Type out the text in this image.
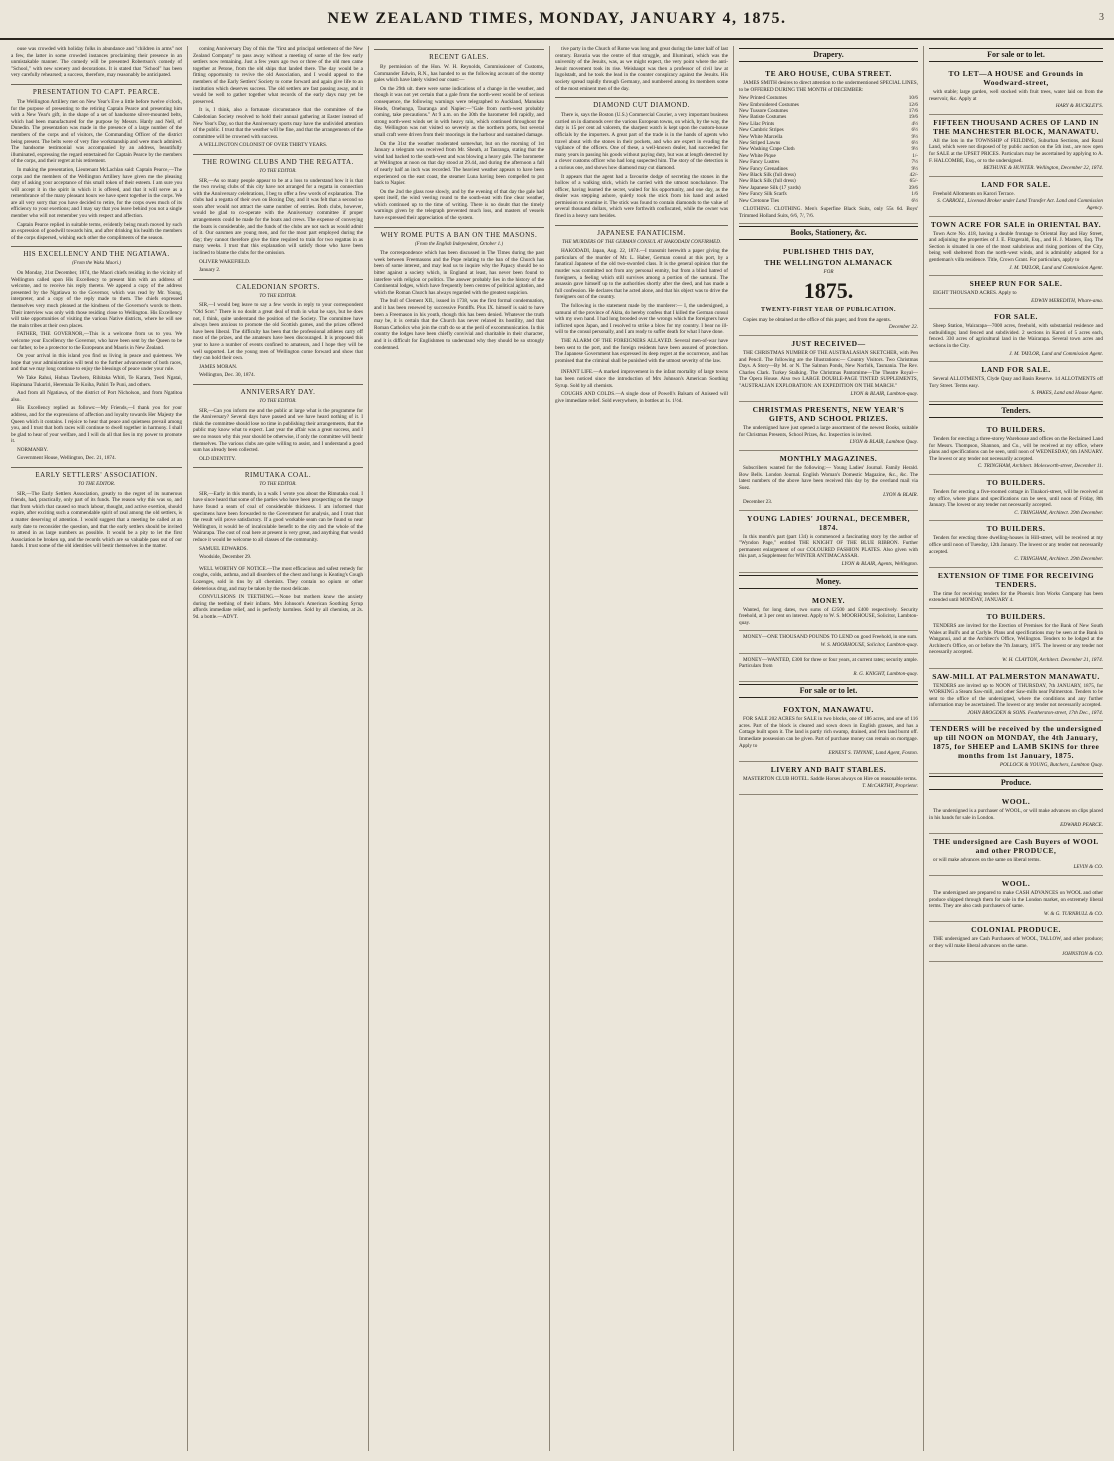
NEW ZEALAND TIMES, MONDAY, JANUARY 4, 1875.	3
ouse was crowded with holiday folks in abundance and "children in arms" not a few, the latter in some crowded instances proclaiming their presence in an unmistakable manner. The comedy will be presented Robertson's comedy of "School," with new scenery and decorations. It is stated that "School" has been very carefully rehearsed; a success, therefore, may reasonably be anticipated.
PRESENTATION TO CAPT. PEARCE.
The Wellington Artillery met on New Year's Eve a little before twelve o'clock, for the purpose of presenting to the retiring Captain Pearce and presenting him with a New Year's gift, in the shape of a set of handsome silver-mounted belts, which had been manufactured for the purpose by Messrs. Hardy and Nell, of Dunedin. The presentation was made in the presence of a large number of the members of the corps and of visitors, the Commanding Officer of the district being present. The belts were of very fine workmanship and were much admired. The handsome testimonial was accompanied by an address, beautifully illuminated, expressing the regard entertained for Captain Pearce by the members of the corps, and their regret at his retirement.
In making the presentation, Lieutenant McLachlan said: Captain Pearce,—The corps and the members of the Wellington Artillery have given me the pleasing duty of asking your acceptance of this small token of their esteem. I am sure you will accept it in the spirit in which it is offered, and that it will serve as a remembrance of the many pleasant hours we have spent together in the corps. We are all very sorry that you have decided to retire, for the corps owes much of its efficiency to your exertions; and I may say that you leave behind you not a single member who will not remember you with respect and affection.
Captain Pearce replied in suitable terms, evidently being much moved by such an expression of goodwill towards him, and after drinking his health the members of the corps dispersed, wishing each other the compliments of the season.
HIS EXCELLENCY AND THE NGATIAWA.
(From the Waka Maori.)
On Monday, 21st December, 1874, the Maori chiefs residing in the vicinity of Wellington called upon His Excellency to present him with an address of welcome, and to receive his reply thereto. We append a copy of the address presented by the Ngatiawa to the Governor, which was read by Mr. Young, interpreter, and a copy of the reply made to them. The chiefs expressed themselves very much pleased at the kindness of the Governor's words to them. Their interview was only with those residing close to Wellington. His Excellency will take opportunities of visiting the various Native districts, where he will see the main tribes at their own places.
FATHER, THE GOVERNOR,—This is a welcome from us to you. We welcome your Excellency the Governor, who have been sent by the Queen to be our father, to be a protector to the Europeans and Maoris in New Zealand.
On your arrival in this island you find us living in peace and quietness. We hope that your administration will tend to the further advancement of both races, and that we may long continue to enjoy the blessings of peace under your rule.
We Take Rahui, Hohua Tawhero, Rihitaka Whiti, Te Karara, Teoti Ngatai, Hapimana Tukuriri, Heremaia Te Koiha, Pahiri Te Puni, and others.
And from all Ngatiawa, of the district of Port Nicholson, and from Ngatitoa also.
His Excellency replied as follows:—My Friends,—I thank you for your address, and for the expressions of affection and loyalty towards Her Majesty the Queen which it contains. I rejoice to hear that peace and quietness prevail among you, and I trust that both races will continue to dwell together in harmony. I shall be glad to hear of your welfare, and I will do all that lies in my power to promote it.
NORMANBY.
Government House, Wellington, Dec. 21, 1874.
EARLY SETTLERS' ASSOCIATION.
TO THE EDITOR.
SIR,—The Early Settlers Association, greatly to the regret of its numerous friends, had, practically, only part of its funds. The reason why this was so, and that from which that caused so much labour, thought, and active exertion, should expire, after exciting such a commendable spirit of zeal among the old settlers, is a matter deserving of attention. I would suggest that a meeting be called at an early date to reconsider the question, and that the early settlers should be invited to attend in as large numbers as possible. It would be a pity to let the first Association be broken up, and the records which are so valuable pass out of our hands. I trust some of the old identities will bestir themselves in the matter.
coming Anniversary Day of this the "first and principal settlement of the New Zealand Company" to pass away without a meeting of some of the few early settlers now remaining. Just a few years ago two or three of the old men came together at Petone, from the old ships that landed there. The day would be a fitting opportunity to revive the old Association, and I would appeal to the members of the Early Settlers' Society to come forward and again give life to an institution which deserves success. The old settlers are fast passing away, and it would be well to gather together what records of the early days may yet be preserved.
It is, I think, also a fortunate circumstance that the committee of the Caledonian Society resolved to hold their annual gathering at Easter instead of New Year's Day, so that the Anniversary sports may have the undivided attention of the public. I trust that the weather will be fine, and that the arrangements of the committee will be crowned with success.
A WELLINGTON COLONIST OF OVER THIRTY YEARS.
THE ROWING CLUBS AND THE REGATTA.
TO THE EDITOR.
SIR,—As so many people appear to be at a loss to understand how it is that the two rowing clubs of this city have not arranged for a regatta in connection with the Anniversary celebrations, I beg to offer a few words of explanation. The clubs had a regatta of their own on Boxing Day, and it was felt that a second so soon after would not attract the same number of entries. Both clubs, however, would be glad to co-operate with the Anniversary committee if proper arrangements could be made for the boats and crews. The expense of conveying the boats is considerable, and the funds of the clubs are not such as would admit of it. Our oarsmen are young men, and for the most part employed during the day; they cannot therefore give the time required to train for two regattas in as many weeks. I trust that this explanation will satisfy those who have been inclined to blame the clubs for the omission.
OLIVER WAKEFIELD.
January 2.
CALEDONIAN SPORTS.
TO THE EDITOR.
SIR,—I would beg leave to say a few words in reply to your correspondent "Old Scot." There is no doubt a great deal of truth in what he says, but he does not, I think, quite understand the position of the Society. The committee have always been anxious to promote the old Scottish games, and the prizes offered have been liberal. The difficulty has been that the professional athletes carry off most of the prizes, and the amateurs have been discouraged. It is proposed this year to have a number of events confined to amateurs, and I hope they will be well supported. Let the young men of Wellington come forward and show that they can hold their own.
JAMES MORAN.
Wellington, Dec. 30, 1874.
ANNIVERSARY DAY.
TO THE EDITOR.
SIR,—Can you inform me and the public at large what is the programme for the Anniversary? Several days have passed and we have heard nothing of it. I think the committee should lose no time in publishing their arrangements, that the public may know what to expect. Last year the affair was a great success, and I see no reason why this year should be otherwise, if only the committee will bestir themselves. The various clubs are quite willing to assist, and I understand a good sum has already been collected.
OLD IDENTITY.
RIMUTAKA COAL.
TO THE EDITOR.
SIR,—Early in this month, in a walk I wrote you about the Rimutaka coal. I have since heard that some of the parties who have been prospecting on the range have found a seam of coal of considerable thickness. I am informed that specimens have been forwarded to the Government for analysis, and I trust that the result will prove satisfactory. If a good workable seam can be found so near Wellington, it would be of incalculable benefit to the city and the whole of the Wairarapa. The cost of coal here at present is very great, and anything that would reduce it would be welcome to all classes of the community.
SAMUEL EDWARDS.
Woodside, December 29.
WELL WORTHY OF NOTICE.—The most efficacious and safest remedy for coughs, colds, asthma, and all disorders of the chest and lungs is Keating's Cough Lozenges, sold in tins by all chemists. They contain no opium or other deleterious drug, and may be taken by the most delicate.
CONVULSIONS IN TEETHING.—None but mothers know the anxiety during the teething of their infants. Mrs Johnson's American Soothing Syrup affords immediate relief, and is perfectly harmless. Sold by all chemists, at 2s. 9d. a bottle.—ADVT.
RECENT GALES.
By permission of the Hon. W. H. Reynolds, Commissioner of Customs, Commander Edwin, R.N., has handed to us the following account of the stormy gales which have lately visited our coast:—
On the 29th ult. there were some indications of a change in the weather, and though it was not yet certain that a gale from the north-west would be of serious consequence, the following warnings were telegraphed to Auckland, Manukau Heads, Onehunga, Tauranga and Napier:—"Gale from north-west probably coming, take precautions." At 9 a.m. on the 30th the barometer fell rapidly, and strong north-west winds set in with heavy rain, which continued throughout the day. Wellington was not visited so severely as the northern ports, but several small craft were driven from their moorings in the harbour and sustained damage.
On the 31st the weather moderated somewhat, but on the morning of 1st January a telegram was received from Mr. Sheath, at Tauranga, stating that the wind had backed to the south-west and was blowing a heavy gale. The barometer at Wellington at noon on that day stood at 29.44, and during the afternoon a fall of nearly half an inch was recorded. The heaviest weather appears to have been experienced on the east coast, the steamer Luna having been compelled to put back to Napier.
On the 2nd the glass rose slowly, and by the evening of that day the gale had spent itself, the wind veering round to the south-east with fine clear weather, which continued up to the time of writing. There is no doubt that the timely warnings given by the telegraph prevented much loss, and masters of vessels have expressed their appreciation of the system.
WHY ROME PUTS A BAN ON THE MASONS.
(From the English Independent, October 1.)
The correspondence which has been discussed in The Times during the past week between Freemasons and the Pope relating to the ban of the Church has been of some interest, and may lead us to inquire why the Papacy should be so bitter against a society which, in England at least, has never been found to interfere with religion or politics. The answer probably lies in the history of the Continental lodges, which have frequently been centres of political agitation, and which the Roman Church has always regarded with the greatest suspicion.
The bull of Clement XII., issued in 1738, was the first formal condemnation, and it has been renewed by successive Pontiffs. Pius IX. himself is said to have been a Freemason in his youth, though this has been denied. Whatever the truth may be, it is certain that the Church has never relaxed its hostility, and that Roman Catholics who join the craft do so at the peril of excommunication. In this country the lodges have been chiefly convivial and charitable in their character, and it is difficult for Englishmen to understand why they should be so strongly condemned.
tive party in the Church of Rome was long and great during the latter half of last century. Bavaria was the centre of that struggle, and Illuminati, which was the university of the Jesuits, was, as we might expect, the very point where the anti-Jesuit movement took its rise. Weishaupt was then a professor of civil law at Ingolstadt, and he took the lead in the counter conspiracy against the Jesuits. His society spread rapidly through Germany, and numbered among its members some of the most eminent men of the day.
DIAMOND CUT DIAMOND.
There is, says the Boston (U.S.) Commercial Courier, a very important business carried on in diamonds over the various European towns, on which, by the way, the duty is 15 per cent ad valorem, the sharpest watch is kept upon the custom-house officials by the importers. A great part of the trade is in the hands of agents who travel about with the stones in their pockets, and who are expert in evading the vigilance of the officers. One of these, a well-known dealer, had succeeded for many years in passing his goods without paying duty, but was at length detected by a clever customs officer who had long suspected him. The story of the detection is a curious one, and shows how diamond may cut diamond.
It appears that the agent had a favourite dodge of secreting the stones in the hollow of a walking stick, which he carried with the utmost nonchalance. The officer, having learned the secret, waited for his opportunity, and one day, as the dealer was stepping ashore, quietly took the stick from his hand and asked permission to examine it. The stick was found to contain diamonds to the value of several thousand dollars, which were forthwith confiscated, while the owner was fined in a heavy sum besides.
JAPANESE FANATICISM.
THE MURDERS OF THE GERMAN CONSUL AT HAKODADI CONFIRMED.
HAKODADI, Japan, Aug. 22, 1874.—I transmit herewith a paper giving the particulars of the murder of Mr. L. Haber, German consul at this port, by a fanatical Japanese of the old two-sworded class. It is the general opinion that the murder was committed not from any personal enmity, but from a blind hatred of foreigners, a feeling which still survives among a portion of the samurai. The assassin gave himself up to the authorities shortly after the deed, and has made a full confession. He declares that he acted alone, and that his object was to drive the foreigners out of the country.
The following is the statement made by the murderer:— I, the undersigned, a samurai of the province of Akita, do hereby confess that I killed the German consul with my own hand. I had long brooded over the wrongs which the foreigners have inflicted upon Japan, and I resolved to strike a blow for my country. I bear no ill-will to the consul personally, and I am ready to suffer death for what I have done.
THE ALARM OF THE FOREIGNERS ALLAYED. Several men-of-war have been sent to the port, and the foreign residents have been assured of protection. The Japanese Government has expressed its deep regret at the occurrence, and has promised that the criminal shall be punished with the utmost severity of the law.
INFANT LIFE.—A marked improvement in the infant mortality of large towns has been noticed since the introduction of Mrs Johnson's American Soothing Syrup. Sold by all chemists.
COUGHS AND COLDS.—A single dose of Powell's Balsam of Aniseed will give immediate relief. Sold everywhere, in bottles at 1s. 1½d.
Drapery.
TE ARO HOUSE, CUBA STREET.
JAMES SMITH desires to direct attention to the undermentioned SPECIAL LINES, to be OFFERED DURING THE MONTH of DECEMBER:
New Printed Costumes	10/6
New Embroidered Costumes	12/6
New Tussore Costumes	17/6
New Batiste Costumes	19/6
New Lilac Prints	4½
New Cambric Stripes	6½
New White Marcella	9½
New Striped Lawns	6½
New Washing Crape Cloth	9½
New White Pique	1/-
New Fancy Lustres	7½
New Fancy Grenadines	9½
New Black Silk (full dress)	42/-
New Black Silk (full dress)	65/-
New Japanese Silk (17 yards)	39/6
New Fancy Silk Scarfs	1/6
New Cretonne Ties	6½
CLOTHING. CLOTHING. Men's Superfine Black Suits, only 55s 6d. Boys' Trimmed Holland Suits, 6/6, 7/, 7/6.
Books, Stationery, &c.
PUBLISHED THIS DAY,
THE WELLINGTON ALMANACK
FOR
1875.
TWENTY-FIRST YEAR OF PUBLICATION.
Copies may be obtained at the office of this paper, and from the agents.
December 22.
JUST RECEIVED—
THE CHRISTMAS NUMBER OF THE AUSTRALASIAN SKETCHER, with Pen and Pencil. The following are the Illustrations:— Country Visitors. Two Christmas Days. A Story—By M. or N. The Salmon Ponds, New Norfolk, Tasmania. The Rev. Charles Clark. Turkey Stalking. The Christmas Pantomime—The Theatre Royal—The Opera House. Also two LARGE DOUBLE-PAGE TINTED SUPPLEMENTS, "AUSTRALIAN EXPLORATION: AN EXPEDITION ON THE MARCH."
LYON & BLAIR, Lambton-quay.
CHRISTMAS PRESENTS, NEW YEAR'S GIFTS, AND SCHOOL PRIZES.
The undersigned have just opened a large assortment of the newest Books, suitable for Christmas Presents, School Prizes, &c. Inspection is invited.
LYON & BLAIR, Lambton Quay.
MONTHLY MAGAZINES.
Subscribers wanted for the following:— Young Ladies' Journal. Family Herald. Bow Bells. London Journal. English Woman's Domestic Magazine, &c., &c. The latest numbers of the above have been received this day by the overland mail via Suez.
LYON & BLAIR.
December 23.
YOUNG LADIES' JOURNAL, DECEMBER, 1874.
In this month's part (part 134) is commenced a fascinating story by the author of "Wyndon Page," entitled THE KNIGHT OF THE BLUE RIBBON. Further permanent enlargement of our COLOURED FASHION PLATES. Also given with this part, a Supplement for WINTER ANTIMACASSAR.
LYON & BLAIR, Agents, Wellington.
Money.
MONEY.
Wanted, for long dates, two sums of £2500 and £400 respectively. Security freehold, at 3 per cent on interest. Apply to W. S. MOORHOUSE, Solicitor, Lambton-quay.
MONEY—ONE THOUSAND POUNDS TO LEND on good Freehold, in one sum.
W. S. MOORHOUSE, Solicitor, Lambton-quay.
MONEY—WANTED, £300 for three or four years, at current rates; security ample. Particulars from
R. G. KNIGHT, Lambton-quay.
For sale or to let.
FOXTON, MANAWATU.
FOR SALE 202 ACRES for SALE in two blocks, one of 186 acres, and one of 116 acres. Part of the block is cleared and sown down in English grasses, and has a Cottage built upon it. The land is partly rich swamp, drained, and fern land burnt off. Immediate possession can be given. Part of purchase money can remain on mortgage. Apply to
ERNEST S. THYNNE, Land Agent, Foxton.
LIVERY AND BAIT STABLES.
MASTERTON CLUB HOTEL. Saddle Horses always on Hire on reasonable terms.
T. McCARTHY, Proprietor.
For sale or to let.
TO LET—A HOUSE and Grounds in Woodward-street,
with stable; large garden, well stocked with fruit trees, water laid on from the reservoir, &c. Apply at
HARY & BUCKLEY'S.
FIFTEEN THOUSAND ACRES OF LAND IN THE MANCHESTER BLOCK, MANAWATU.
All the lots in the TOWNSHIP of FEILDING, Suburban Sections, and Rural Land, which were not disposed of by public auction on the 5th inst., are now open for SALE at the UPSET PRICES. Particulars may be ascertained by applying to A. F. HALCOMBE, Esq., or to the undersigned.
BETHUNE & HUNTER. Wellington, December 22, 1874.
LAND FOR SALE.
Freehold Allotments on Karori Terrace.
S. CARROLL, Licensed Broker under Land Transfer Act. Land and Commission Agency.
TOWN ACRE FOR SALE in ORIENTAL BAY.
Town Acre No. 418, having a double frontage to Oriental Bay and Hay Street, and adjoining the properties of J. E. Fitzgerald, Esq., and H. J. Masters, Esq. The Section is situated in one of the most salubrious and rising portions of the City, being well sheltered from the north-west winds, and is admirably adapted for a gentleman's villa residence. Title, Crown Grant. For particulars, apply to
J. M. TAYLOR, Land and Commission Agent.
SHEEP RUN FOR SALE.
EIGHT THOUSAND ACRES. Apply to
EDWIN MEREDITH, Whare-ama.
FOR SALE.
Sheep Station, Wairarapa—7000 acres, freehold, with substantial residence and outbuildings; land fenced and subdivided. 2 sections in Karori of 5 acres each, fenced. 330 acres of agricultural land in the Wairarapa. Several town acres and sections in the City.
J. M. TAYLOR, Land and Commission Agent.
LAND FOR SALE.
Several ALLOTMENTS, Clyde Quay and Basin Reserve. 14 ALLOTMENTS off Tory Street. Terms easy.
S. PAKES, Land and House Agent.
Tenders.
TO BUILDERS.
Tenders for erecting a three-storey Warehouse and offices on the Reclaimed Land for Messrs. Thompson, Shannon, and Co., will be received at my office, where plans and specifications can be seen, until noon of WEDNESDAY, 6th JANUARY. The lowest or any tender not necessarily accepted.
C. TRINGHAM, Architect. Molesworth-street, December 11.
TO BUILDERS.
Tenders for erecting a five-roomed cottage in Tinakori-street, will be received at my office, where plans and specifications can be seen, until noon of Friday, 8th January. The lowest or any tender not necessarily accepted.
C. TRINGHAM, Architect. 29th December.
TO BUILDERS.
Tenders for erecting three dwelling-houses in Hill-street, will be received at my office until noon of Tuesday, 12th January. The lowest or any tender not necessarily accepted.
C. TRINGHAM, Architect. 29th December.
EXTENSION OF TIME FOR RECEIVING TENDERS.
The time for receiving tenders for the Phoenix Iron Works Company has been extended until MONDAY, JANUARY 4.
TO BUILDERS.
TENDERS are invited for the Erection of Premises for the Bank of New South Wales at Bull's and at Carlyle. Plans and specifications may be seen at the Bank in Wanganui, and at the Architect's Office, Wellington. Tenders to be lodged at the Architect's Office, on or before the 7th January, 1875. The lowest or any tender not necessarily accepted.
W. H. CLAYTON, Architect. December 21, 1874.
SAW-MILL AT PALMERSTON MANAWATU.
TENDERS are invited up to NOON of THURSDAY, 7th JANUARY, 1875, for WORKING a Steam Saw-mill, and other Saw-mills near Palmerston. Tenders to be sent to the office of the undersigned, where the conditions and any further information may be ascertained. The lowest or any tender not necessarily accepted.
JOHN BROGDEN & SONS. Featherston-street, 17th Dec., 1874.
TENDERS will be received by the undersigned up till NOON on MONDAY, the 4th January, 1875, for SHEEP and LAMB SKINS for three months from 1st January, 1875.
POLLOCK & YOUNG, Butchers, Lambton Quay.
Produce.
WOOL.
The undersigned is a purchaser of WOOL, or will make advances on clips placed in his hands for sale in London.
EDWARD PEARCE.
THE undersigned are Cash Buyers of WOOL and other PRODUCE,
or will make advances on the same on liberal terms.
LEVIN & CO.
WOOL.
The undersigned are prepared to make CASH ADVANCES on WOOL and other produce shipped through them for sale in the London market, on extremely liberal terms. They are also cash purchasers of same.
W. & G. TURNBULL & CO.
COLONIAL PRODUCE.
THE undersigned are Cash Purchasers of WOOL, TALLOW, and other produce; or they will make liberal advances on the same.
JOHNSTON & CO.
